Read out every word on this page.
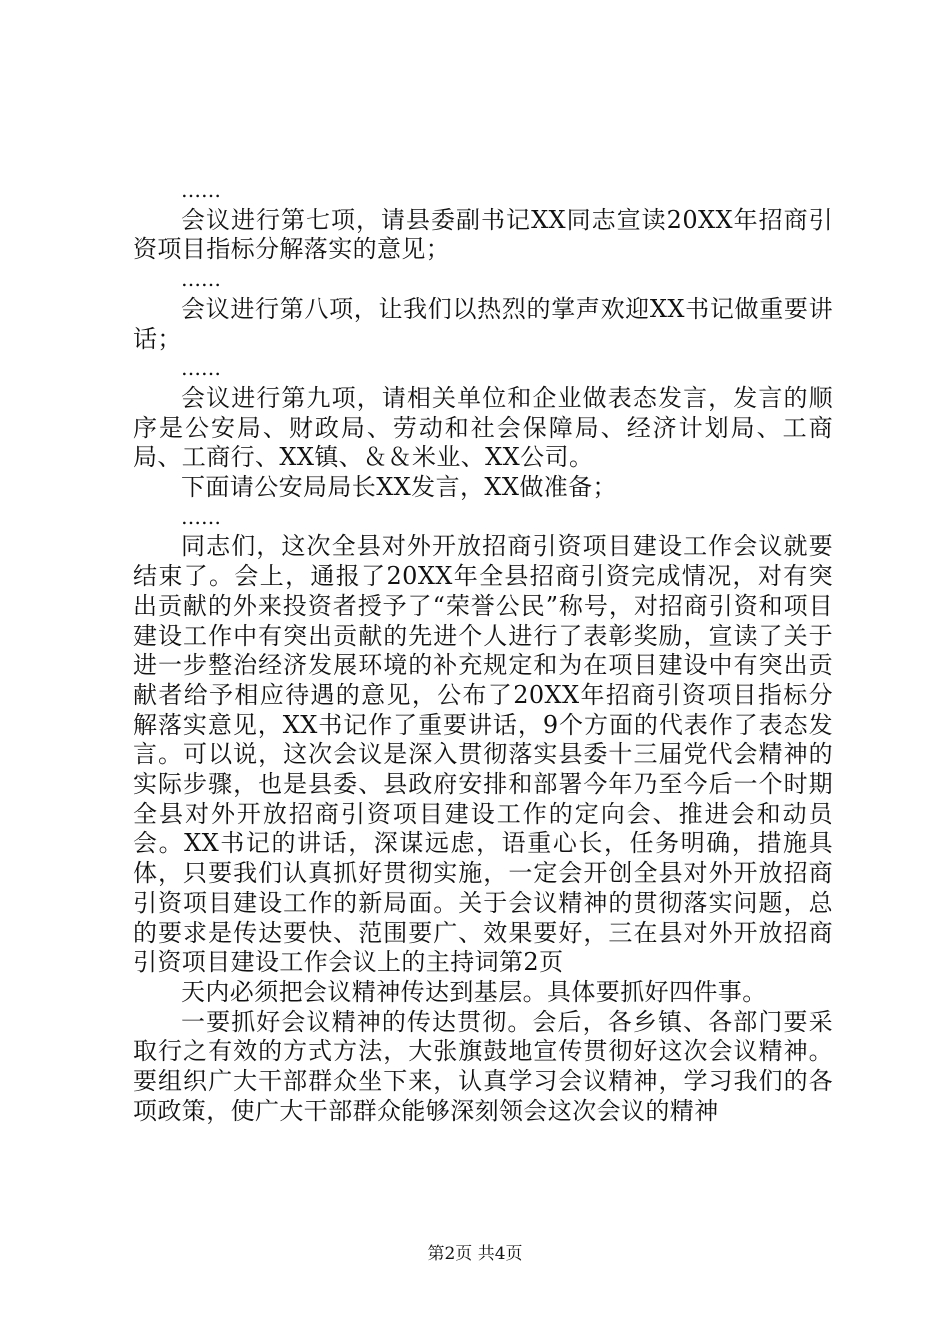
……

会议进行第七项，请县委副书记XX同志宣读20XX年招商引资项目指标分解落实的意见；

……

会议进行第八项，让我们以热烈的掌声欢迎XX书记做重要讲话；

……

会议进行第九项，请相关单位和企业做表态发言，发言的顺序是公安局、财政局、劳动和社会保障局、经济计划局、工商局、工商行、XX镇、＆＆米业、XX公司。

下面请公安局局长XX发言，XX做准备；

……

同志们，这次全县对外开放招商引资项目建设工作会议就要结束了。会上，通报了20XX年全县招商引资完成情况，对有突出贡献的外来投资者授予了“荣誉公民”称号，对招商引资和项目建设工作中有突出贡献的先进个人进行了表彰奖励，宣读了关于进一步整治经济发展环境的补充规定和为在项目建设中有突出贡献者给予相应待遇的意见，公布了20XX年招商引资项目指标分解落实意见，XX书记作了重要讲话，9个方面的代表作了表态发言。可以说，这次会议是深入贯彻落实县委十三届党代会精神的实际步骤，也是县委、县政府安排和部署今年乃至今后一个时期全县对外开放招商引资项目建设工作的定向会、推进会和动员会。XX书记的讲话，深谋远虑，语重心长，任务明确，措施具体，只要我们认真抓好贯彻实施，一定会开创全县对外开放招商引资项目建设工作的新局面。关于会议精神的贯彻落实问题，总的要求是传达要快、范围要广、效果要好，三在县对外开放招商引资项目建设工作会议上的主持词第2页

天内必须把会议精神传达到基层。具体要抓好四件事。

一要抓好会议精神的传达贯彻。会后，各乡镇、各部门要采取行之有效的方式方法，大张旗鼓地宣传贯彻好这次会议精神。要组织广大干部群众坐下来，认真学习会议精神，学习我们的各项政策，使广大干部群众能够深刻领会这次会议的精神

第2页 共4页
